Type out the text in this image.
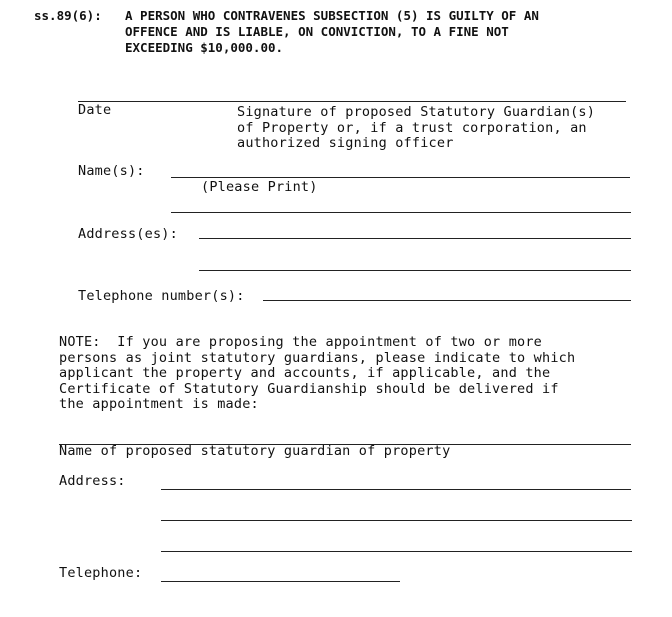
ss.89(6): A PERSON WHO CONTRAVENES SUBSECTION (5) IS GUILTY OF AN
OFFENCE AND IS LIABLE, ON CONVICTION, TO A FINE NOT
EXCEEDING $10,000.00.
Date	Signature of proposed Statutory Guardian(s)
of Property or, if a trust corporation, an
authorized signing officer
Name(s):
(Please Print)
Address(es):
Telephone number(s):
NOTE:  If you are proposing the appointment of two or more
persons as joint statutory guardians, please indicate to which
applicant the property and accounts, if applicable, and the
Certificate of Statutory Guardianship should be delivered if
the appointment is made:
Name of proposed statutory guardian of property
Address:
Telephone:
